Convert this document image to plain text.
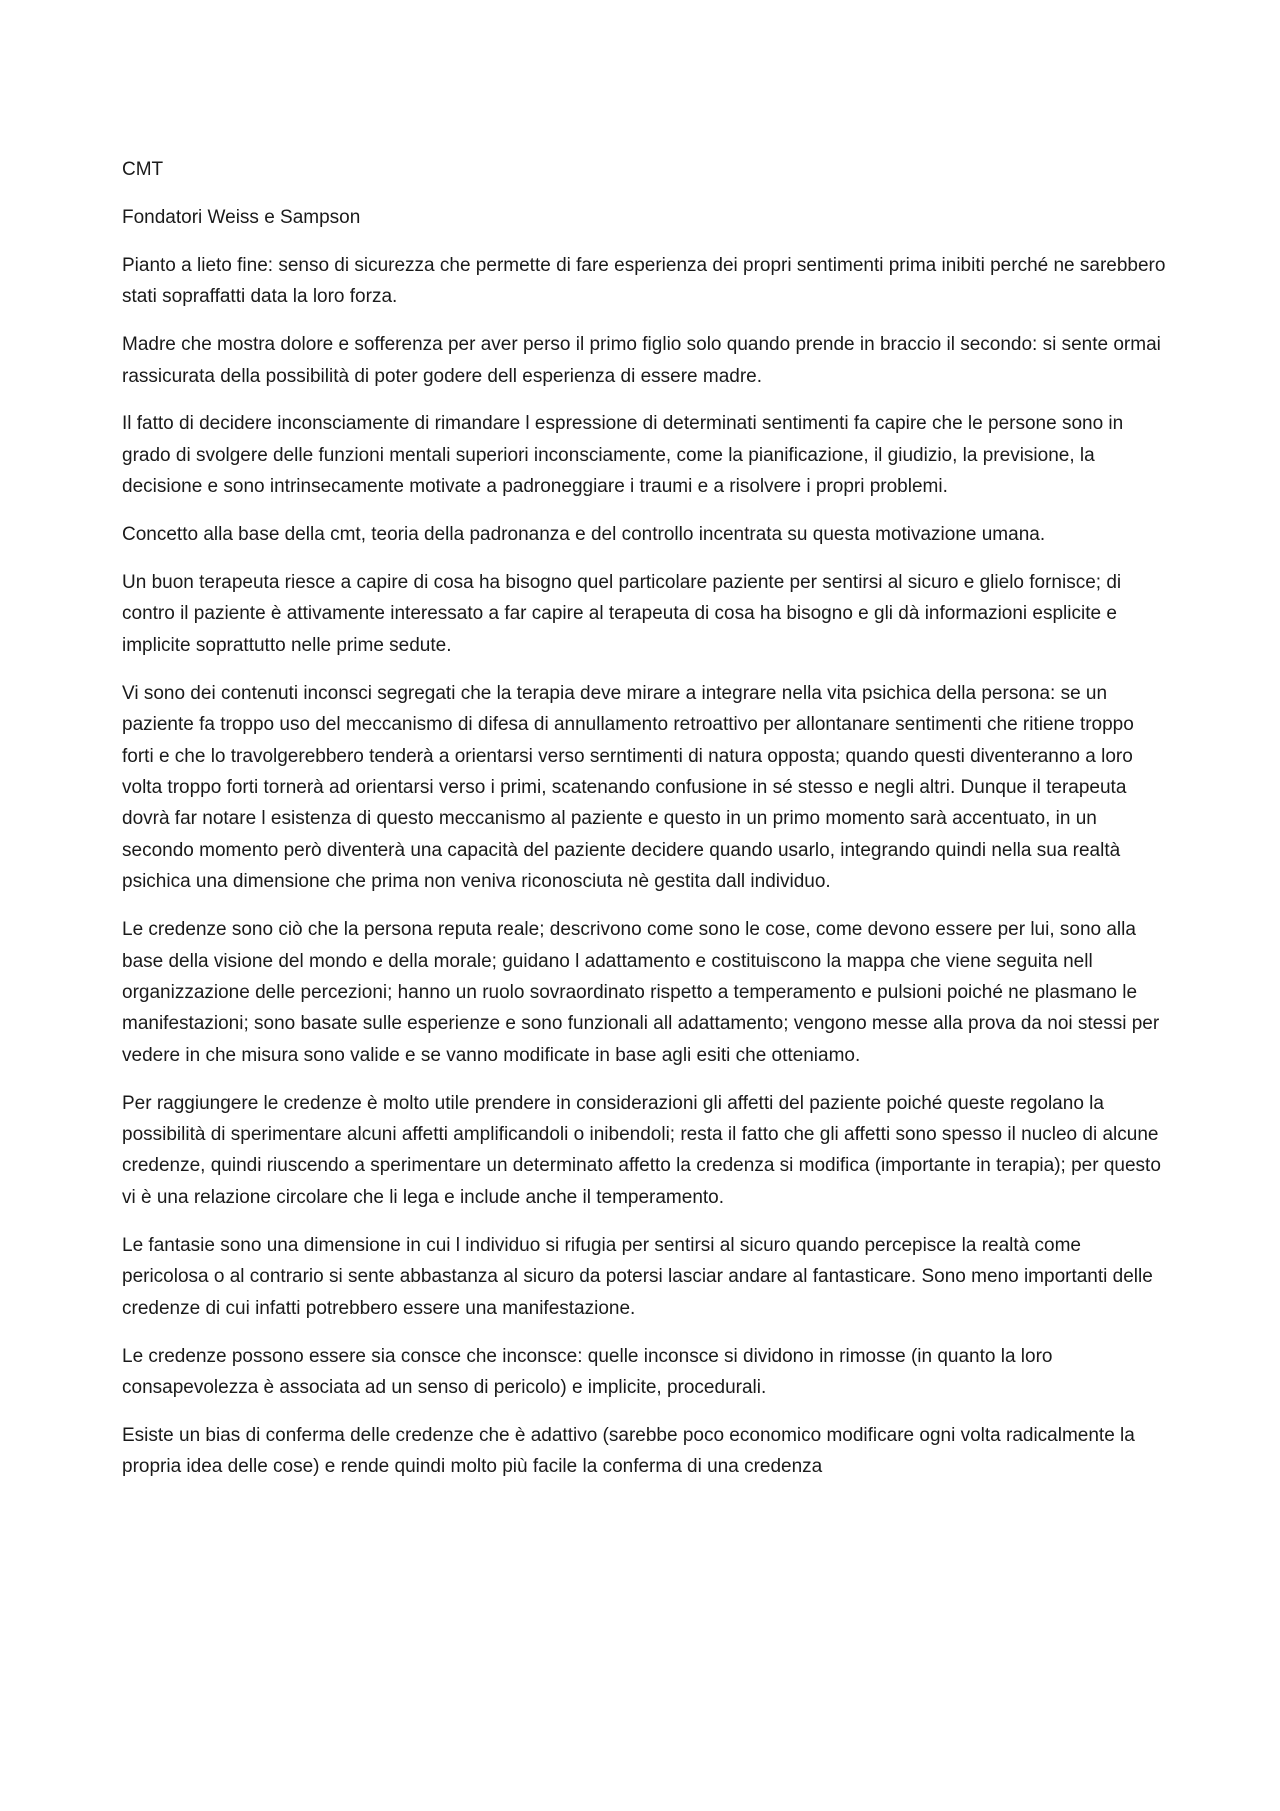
CMT

Fondatori Weiss e Sampson

Pianto a lieto fine: senso di sicurezza che permette di fare esperienza dei propri sentimenti prima inibiti perché ne sarebbero stati sopraffatti data la loro forza.

Madre che mostra dolore e sofferenza per aver perso il primo figlio solo quando prende in braccio il secondo: si sente ormai rassicurata della possibilità di poter godere dell esperienza di essere madre.

Il fatto di decidere inconsciamente di rimandare l espressione di determinati sentimenti fa capire che le persone sono in grado di svolgere delle funzioni mentali superiori inconsciamente, come la pianificazione, il giudizio, la previsione, la decisione e sono intrinsecamente motivate a padroneggiare i traumi e a risolvere i propri problemi.

Concetto alla base della cmt, teoria della padronanza e del controllo incentrata su questa motivazione umana.

Un buon terapeuta riesce a capire di cosa ha bisogno quel particolare paziente per sentirsi al sicuro e glielo fornisce; di contro il paziente è attivamente interessato a far capire al terapeuta di cosa ha bisogno e gli dà informazioni esplicite e implicite soprattutto nelle prime sedute.

Vi sono dei contenuti inconsci segregati che la terapia deve mirare a integrare nella vita psichica della persona: se un paziente fa troppo uso del meccanismo di difesa di annullamento retroattivo per allontanare sentimenti che ritiene troppo forti e che lo travolgerebbero tenderà a orientarsi verso serntimenti di natura opposta; quando questi diventeranno a loro volta troppo forti tornerà ad orientarsi verso i primi, scatenando confusione in sé stesso e negli altri. Dunque il terapeuta dovrà far notare l esistenza di questo meccanismo al paziente e questo in un primo momento sarà accentuato, in un secondo momento però diventerà una capacità del paziente decidere quando usarlo, integrando quindi nella sua realtà psichica una dimensione che prima non veniva riconosciuta nè gestita dall individuo.

Le credenze sono ciò che la persona reputa reale; descrivono come sono le cose, come devono essere per lui, sono alla base della visione del mondo e della morale; guidano l adattamento e costituiscono la mappa che viene seguita nell organizzazione delle percezioni; hanno un ruolo sovraordinato rispetto a temperamento e pulsioni poiché ne plasmano le manifestazioni; sono basate sulle esperienze e sono funzionali all adattamento; vengono messe alla prova da noi stessi per vedere in che misura sono valide e se vanno modificate in base agli esiti che otteniamo.

Per raggiungere le credenze è molto utile prendere in considerazioni gli affetti del paziente poiché queste regolano la possibilità di sperimentare alcuni affetti amplificandoli o inibendoli; resta il fatto che gli affetti sono spesso il nucleo di alcune credenze, quindi riuscendo a sperimentare un determinato affetto la credenza si modifica (importante in terapia); per questo vi è una relazione circolare che li lega e include anche il temperamento.

Le fantasie sono una dimensione in cui l individuo si rifugia per sentirsi al sicuro quando percepisce la realtà come pericolosa o al contrario si sente abbastanza al sicuro da potersi lasciar andare al fantasticare. Sono meno importanti delle credenze di cui infatti potrebbero essere una manifestazione.

Le credenze possono essere sia consce che inconsce: quelle inconsce si dividono in rimosse (in quanto la loro consapevolezza è associata ad un senso di pericolo) e implicite, procedurali.

Esiste un bias di conferma delle credenze che è adattivo (sarebbe poco economico modificare ogni volta radicalmente la propria idea delle cose) e rende quindi molto più facile la conferma di una credenza
